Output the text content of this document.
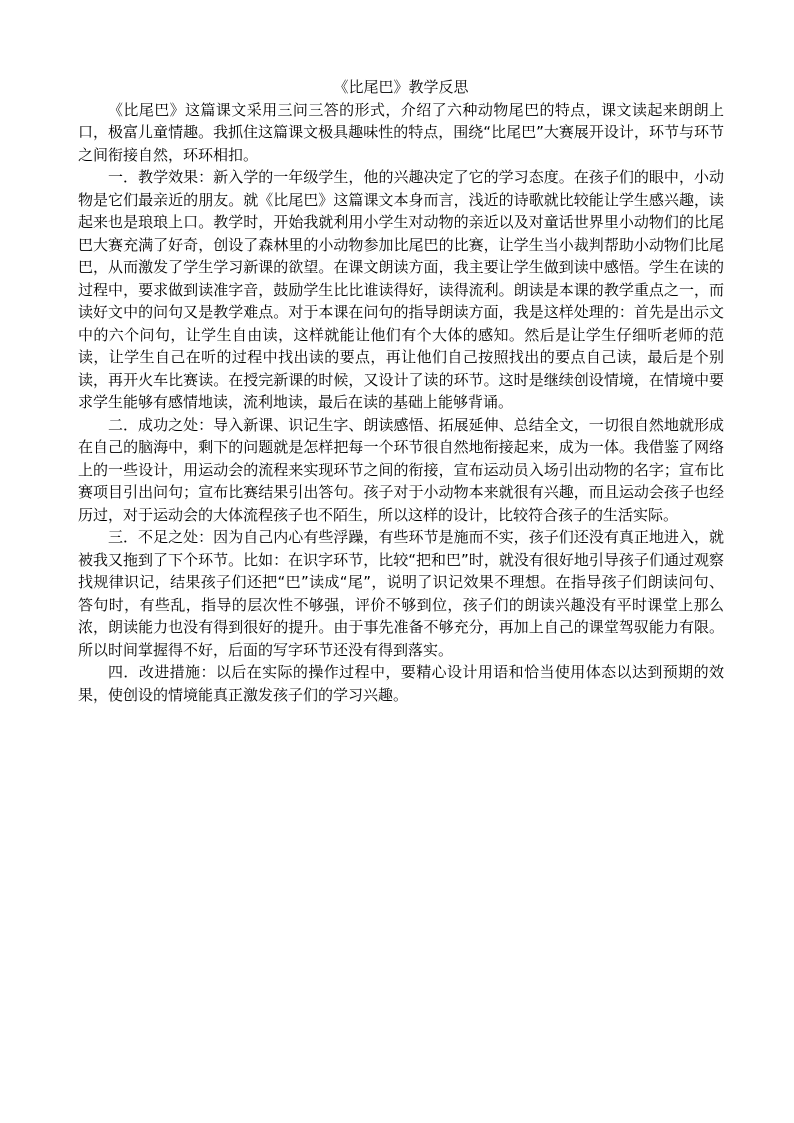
《比尾巴》教学反思

《比尾巴》这篇课文采用三问三答的形式，介绍了六种动物尾巴的特点，课文读起来朗朗上口，极富儿童情趣。我抓住这篇课文极具趣味性的特点，围绕“比尾巴”大赛展开设计，环节与环节之间衔接自然，环环相扣。

一．教学效果：新入学的一年级学生，他的兴趣决定了它的学习态度。在孩子们的眼中，小动物是它们最亲近的朋友。就《比尾巴》这篇课文本身而言，浅近的诗歌就比较能让学生感兴趣，读起来也是琅琅上口。教学时，开始我就利用小学生对动物的亲近以及对童话世界里小动物们的比尾巴大赛充满了好奇，创设了森林里的小动物参加比尾巴的比赛，让学生当小裁判帮助小动物们比尾巴，从而激发了学生学习新课的欲望。在课文朗读方面，我主要让学生做到读中感悟。学生在读的过程中，要求做到读准字音，鼓励学生比比谁读得好，读得流利。朗读是本课的教学重点之一，而读好文中的问句又是教学难点。对于本课在问句的指导朗读方面，我是这样处理的：首先是出示文中的六个问句，让学生自由读，这样就能让他们有个大体的感知。然后是让学生仔细听老师的范读，让学生自己在听的过程中找出读的要点，再让他们自己按照找出的要点自己读，最后是个别读，再开火车比赛读。在授完新课的时候，又设计了读的环节。这时是继续创设情境，在情境中要求学生能够有感情地读，流利地读，最后在读的基础上能够背诵。

二．成功之处：导入新课、识记生字、朗读感悟、拓展延伸、总结全文，一切很自然地就形成在自己的脑海中，剩下的问题就是怎样把每一个环节很自然地衔接起来，成为一体。我借鉴了网络上的一些设计，用运动会的流程来实现环节之间的衔接，宣布运动员入场引出动物的名字；宣布比赛项目引出问句；宣布比赛结果引出答句。孩子对于小动物本来就很有兴趣，而且运动会孩子也经历过，对于运动会的大体流程孩子也不陌生，所以这样的设计，比较符合孩子的生活实际。

三．不足之处：因为自己内心有些浮躁，有些环节是施而不实，孩子们还没有真正地进入，就被我又拖到了下个环节。比如：在识字环节，比较“把和巴”时，就没有很好地引导孩子们通过观察找规律识记，结果孩子们还把“巴”读成“尾”，说明了识记效果不理想。在指导孩子们朗读问句、答句时，有些乱，指导的层次性不够强，评价不够到位，孩子们的朗读兴趣没有平时课堂上那么浓，朗读能力也没有得到很好的提升。由于事先准备不够充分，再加上自己的课堂驾驭能力有限。所以时间掌握得不好，后面的写字环节还没有得到落实。

四．改进措施：以后在实际的操作过程中，要精心设计用语和恰当使用体态以达到预期的效果，使创设的情境能真正激发孩子们的学习兴趣。
